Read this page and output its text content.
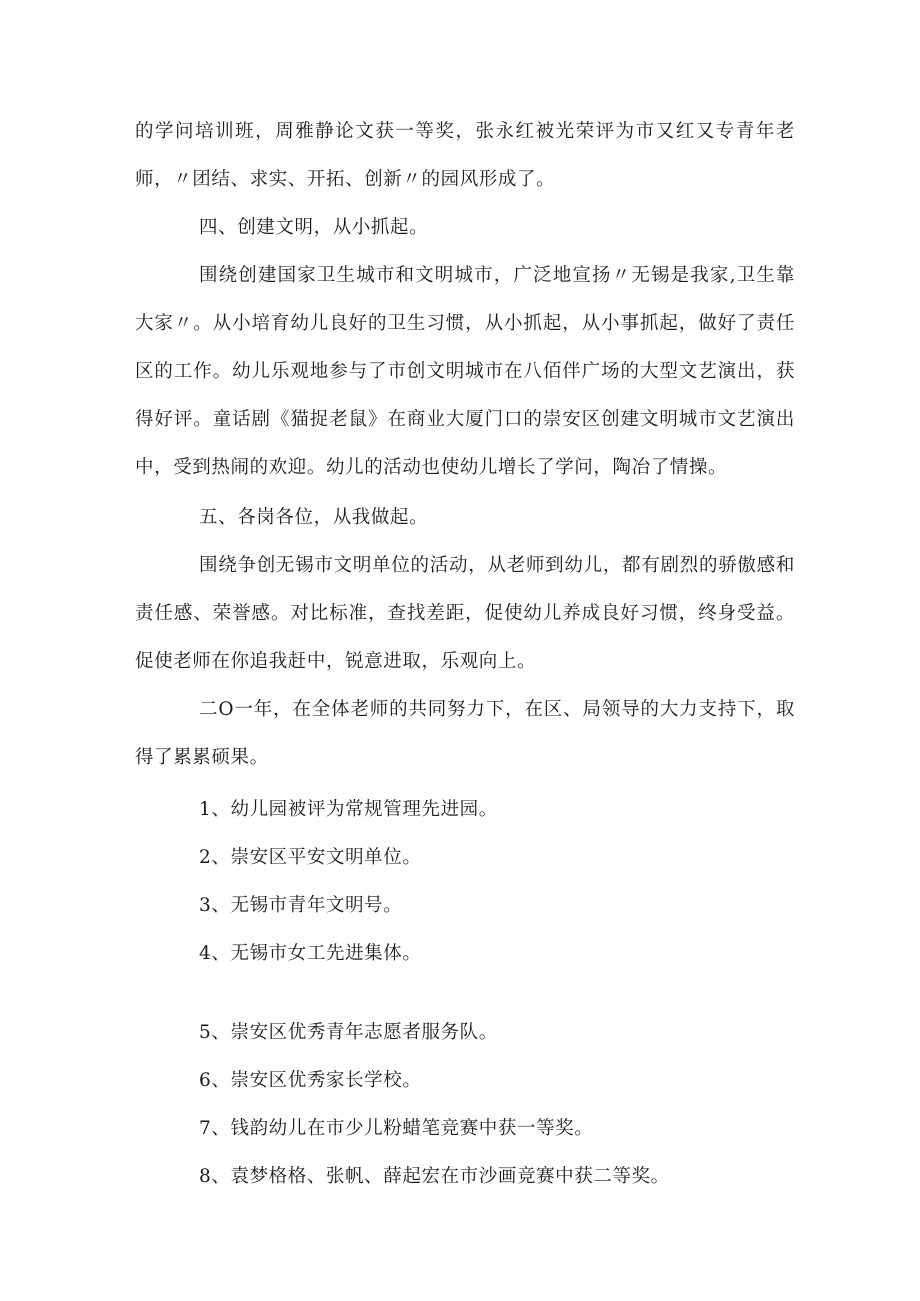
的学问培训班，周雅静论文获一等奖，张永红被光荣评为市又红又专青年老师，〃团结、求实、开拓、创新〃的园风形成了。

四、创建文明，从小抓起。

围绕创建国家卫生城市和文明城市，广泛地宣扬〃无锡是我家,卫生靠大家〃。从小培育幼儿良好的卫生习惯，从小抓起，从小事抓起，做好了责任区的工作。幼儿乐观地参与了市创文明城市在八佰伴广场的大型文艺演出，获得好评。童话剧《猫捉老鼠》在商业大厦门口的崇安区创建文明城市文艺演出中，受到热闹的欢迎。幼儿的活动也使幼儿增长了学问，陶冶了情操。

五、各岗各位，从我做起。

围绕争创无锡市文明单位的活动，从老师到幼儿，都有剧烈的骄傲感和责任感、荣誉感。对比标准，查找差距，促使幼儿养成良好习惯，终身受益。促使老师在你追我赶中，锐意进取，乐观向上。

二O一年，在全体老师的共同努力下，在区、局领导的大力支持下，取得了累累硕果。

1、幼儿园被评为常规管理先进园。

2、崇安区平安文明单位。

3、无锡市青年文明号。

4、无锡市女工先进集体。

5、崇安区优秀青年志愿者服务队。

6、崇安区优秀家长学校。

7、钱韵幼儿在市少儿粉蜡笔竞赛中获一等奖。

8、袁梦格格、张帆、薛起宏在市沙画竞赛中获二等奖。
